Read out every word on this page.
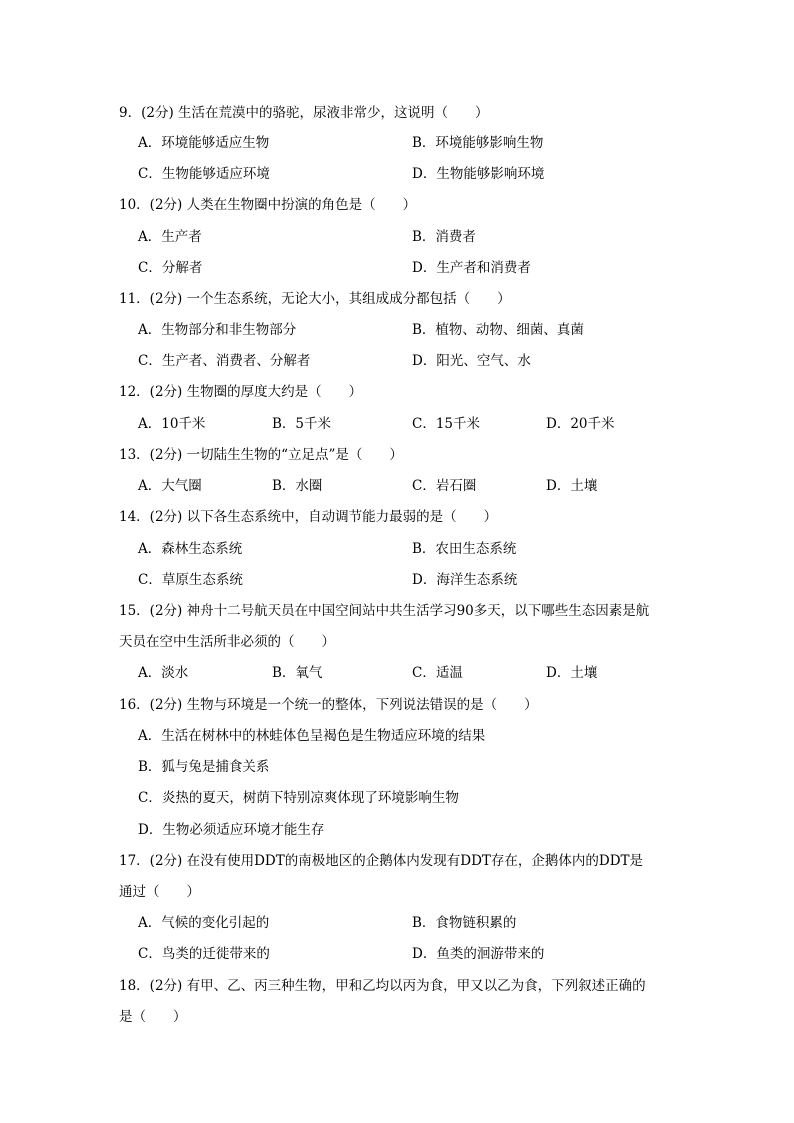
9．(2分) 生活在荒漠中的骆驼，尿液非常少，这说明（　　）
A．环境能够适应生物	B．环境能够影响生物
C．生物能够适应环境	D．生物能够影响环境
10．(2分) 人类在生物圈中扮演的角色是（　　）
A．生产者	B．消费者
C．分解者	D．生产者和消费者
11．(2分) 一个生态系统，无论大小，其组成成分都包括（　　）
A．生物部分和非生物部分	B．植物、动物、细菌、真菌
C．生产者、消费者、分解者	D．阳光、空气、水
12．(2分) 生物圈的厚度大约是（　　）
A．10千米	B．5千米	C．15千米	D．20千米
13．(2分) 一切陆生生物的“立足点”是（　　）
A．大气圈	B．水圈	C．岩石圈	D．土壤
14．(2分) 以下各生态系统中，自动调节能力最弱的是（　　）
A．森林生态系统	B．农田生态系统
C．草原生态系统	D．海洋生态系统
15．(2分) 神舟十二号航天员在中国空间站中共生活学习90多天，以下哪些生态因素是航
天员在空中生活所非必须的（　　）
A．淡水	B．氧气	C．适温	D．土壤
16．(2分) 生物与环境是一个统一的整体，下列说法错误的是（　　）
A．生活在树林中的林蛙体色呈褐色是生物适应环境的结果
B．狐与兔是捕食关系
C．炎热的夏天，树荫下特别凉爽体现了环境影响生物
D．生物必须适应环境才能生存
17．(2分) 在没有使用DDT的南极地区的企鹅体内发现有DDT存在，企鹅体内的DDT是
通过（　　）
A．气候的变化引起的	B．食物链积累的
C．鸟类的迁徙带来的	D．鱼类的洄游带来的
18．(2分) 有甲、乙、丙三种生物，甲和乙均以丙为食，甲又以乙为食，下列叙述正确的
是（　　）
